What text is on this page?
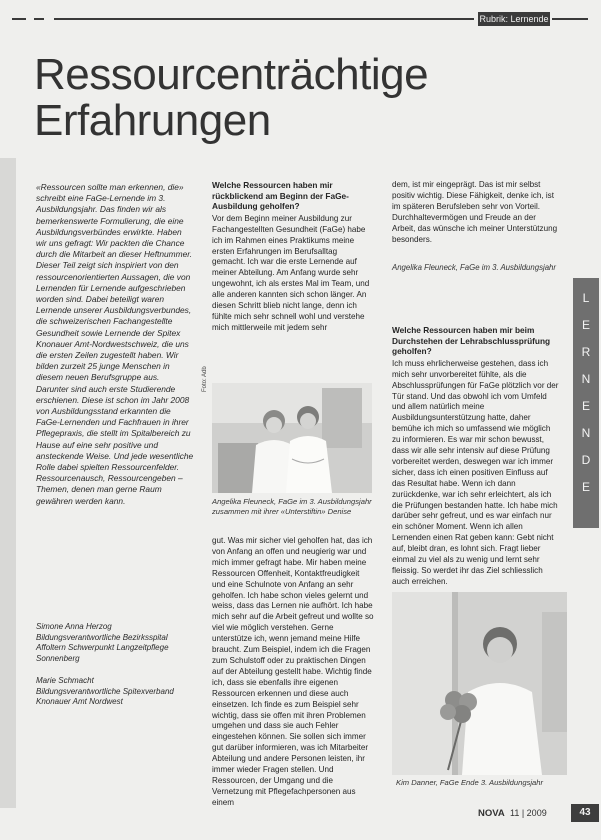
Rubrik: Lernende
Ressourcenträchtige
Erfahrungen

«Ressourcen sollte man erkennen, die» schreibt eine FaGe-Lernende im 3. Ausbildungsjahr. Das finden wir als bemerkenswerte Formulierung, die eine Ausbildungsverbündes erwirkte. Haben wir uns gefragt: Wir packten die Chance durch die Mitarbeit an dieser Heftnummer. Dieser Teil zeigt sich inspiriert von den ressourcenorientierten Aussagen, die von Lernenden für Lernende aufgeschrieben worden sind. Dabei beteiligt waren Lernende unserer Ausbildungsverbundes, die schweizerischen Fachangestellte Gesundheit sowie Lernende der Spitex Knonauer Amt-Nordwestschweiz, die uns die ersten Zeilen zugestellt haben. Wir bilden zurzeit 25 junge Menschen in diesem neuen Berufsgruppe aus. Darunter sind auch erste Studierende erschienen. Diese ist schon im Jahr 2008 von Ausbildungsstand erkannten die FaGe-Lernenden und Fachfrauen in ihrer Pflegepraxis, die stellt im Spitalbereich zu Hause auf eine sehr positive und ansteckende Weise. Und jede wesentliche Rolle dabei spielten Ressourcenfelder. Ressourcenausch, Ressourcengeben – Themen, denen man gerne Raum gewähren werden kann.

Simone Anna Herzog
Bildungsverantwortliche Bezirksspital Affoltern Schwerpunkt Langzeitpflege Sonnenberg

Marie Schmacht
Bildungsverantwortliche Spitexverband Knonauer Amt Nordwest

Welche Ressourcen haben mir rückblickend am Beginn der FaGe-Ausbildung geholfen?

Vor dem Beginn meiner Ausbildung zur Fachangestellten Gesundheit (FaGe) habe ich im Rahmen eines Praktikums meine ersten Erfahrungen im Berufsalltag gemacht. Ich war die erste Lernende auf meiner Abteilung. Am Anfang wurde sehr ungewohnt, ich als erstes Mal im Team, und alle anderen kannten sich schon länger. An diesen Schritt blieb nicht lange, denn ich fühlte mich sehr schnell wohl und verstehe mich mittlerweile mit jedem sehr

Foto: Adb

Angelika Fleuneck, FaGe im 3. Ausbildungsjahr zusammen mit ihrer «Unterstiftin» Denise

gut. Was mir sicher viel geholfen hat, das ich von Anfang an offen und neugierig war und mich immer gefragt habe. Mir haben meine Ressourcen Offenheit, Kontaktfreudigkeit und eine Schulnote von Anfang an sehr geholfen. Ich habe schon vieles gelernt und weiss, dass das Lernen nie aufhört. Ich habe mich sehr auf die Arbeit gefreut und wollte so viel wie möglich verstehen. Gerne unterstütze ich, wenn jemand meine Hilfe braucht. Zum Beispiel, indem ich die Fragen zum Schulstoff oder zu praktischen Dingen auf der Abteilung gestellt habe. Wichtig finde ich, dass sie ebenfalls ihre eigenen Ressourcen erkennen und diese auch einsetzen. Ich finde es zum Beispiel sehr wichtig, dass sie offen mit ihren Problemen umgehen und dass sie auch Fehler eingestehen können. Sie sollen sich immer gut darüber informieren, was ich Mitarbeiter Abteilung und andere Personen leisten, ihr immer wieder Fragen stellen. Und Ressourcen, der Umgang und die Vernetzung mit Pflegefachpersonen aus einem

dem, ist mir eingeprägt. Das ist mir selbst positiv wichtig. Diese Fähigkeit, denke ich, ist im späteren Berufsleben sehr von Vorteil. Durchhaltevermögen und Freude an der Arbeit, das wünsche ich meiner Unterstützung besonders.

Angelika Fleuneck, FaGe im 3. Ausbildungsjahr

Welche Ressourcen haben mir beim Durchstehen der Lehrabschlussprüfung geholfen?

Ich muss ehrlicherweise gestehen, dass ich mich sehr unvorbereitet fühlte, als die Abschlussprüfungen für FaGe plötzlich vor der Tür stand. Und das obwohl ich vom Umfeld und allem natürlich meine Ausbildungsunterstützung hatte, daher bemühe ich mich so umfassend wie möglich zu informieren. Es war mir schon bewusst, dass wir alle sehr intensiv auf diese Prüfung vorbereitet werden, deswegen war ich immer sicher, dass ich einen positiven Einfluss auf das Resultat habe. Wenn ich dann zurückdenke, war ich sehr erleichtert, als ich die Prüfungen bestanden hatte. Ich habe mich darüber sehr gefreut, und es war einfach nur ein schöner Moment. Wenn ich allen Lernenden einen Rat geben kann: Gebt nicht auf, bleibt dran, es lohnt sich. Fragt lieber einmal zu viel als zu wenig und lernt sehr fleissig. So werdet ihr das Ziel schliesslich auch erreichen.

Kim Danner, FaGe Ende 3. Ausbildungsjahr

L
E
R
N
E
N
D
E
NOVA 11 | 2009	43
